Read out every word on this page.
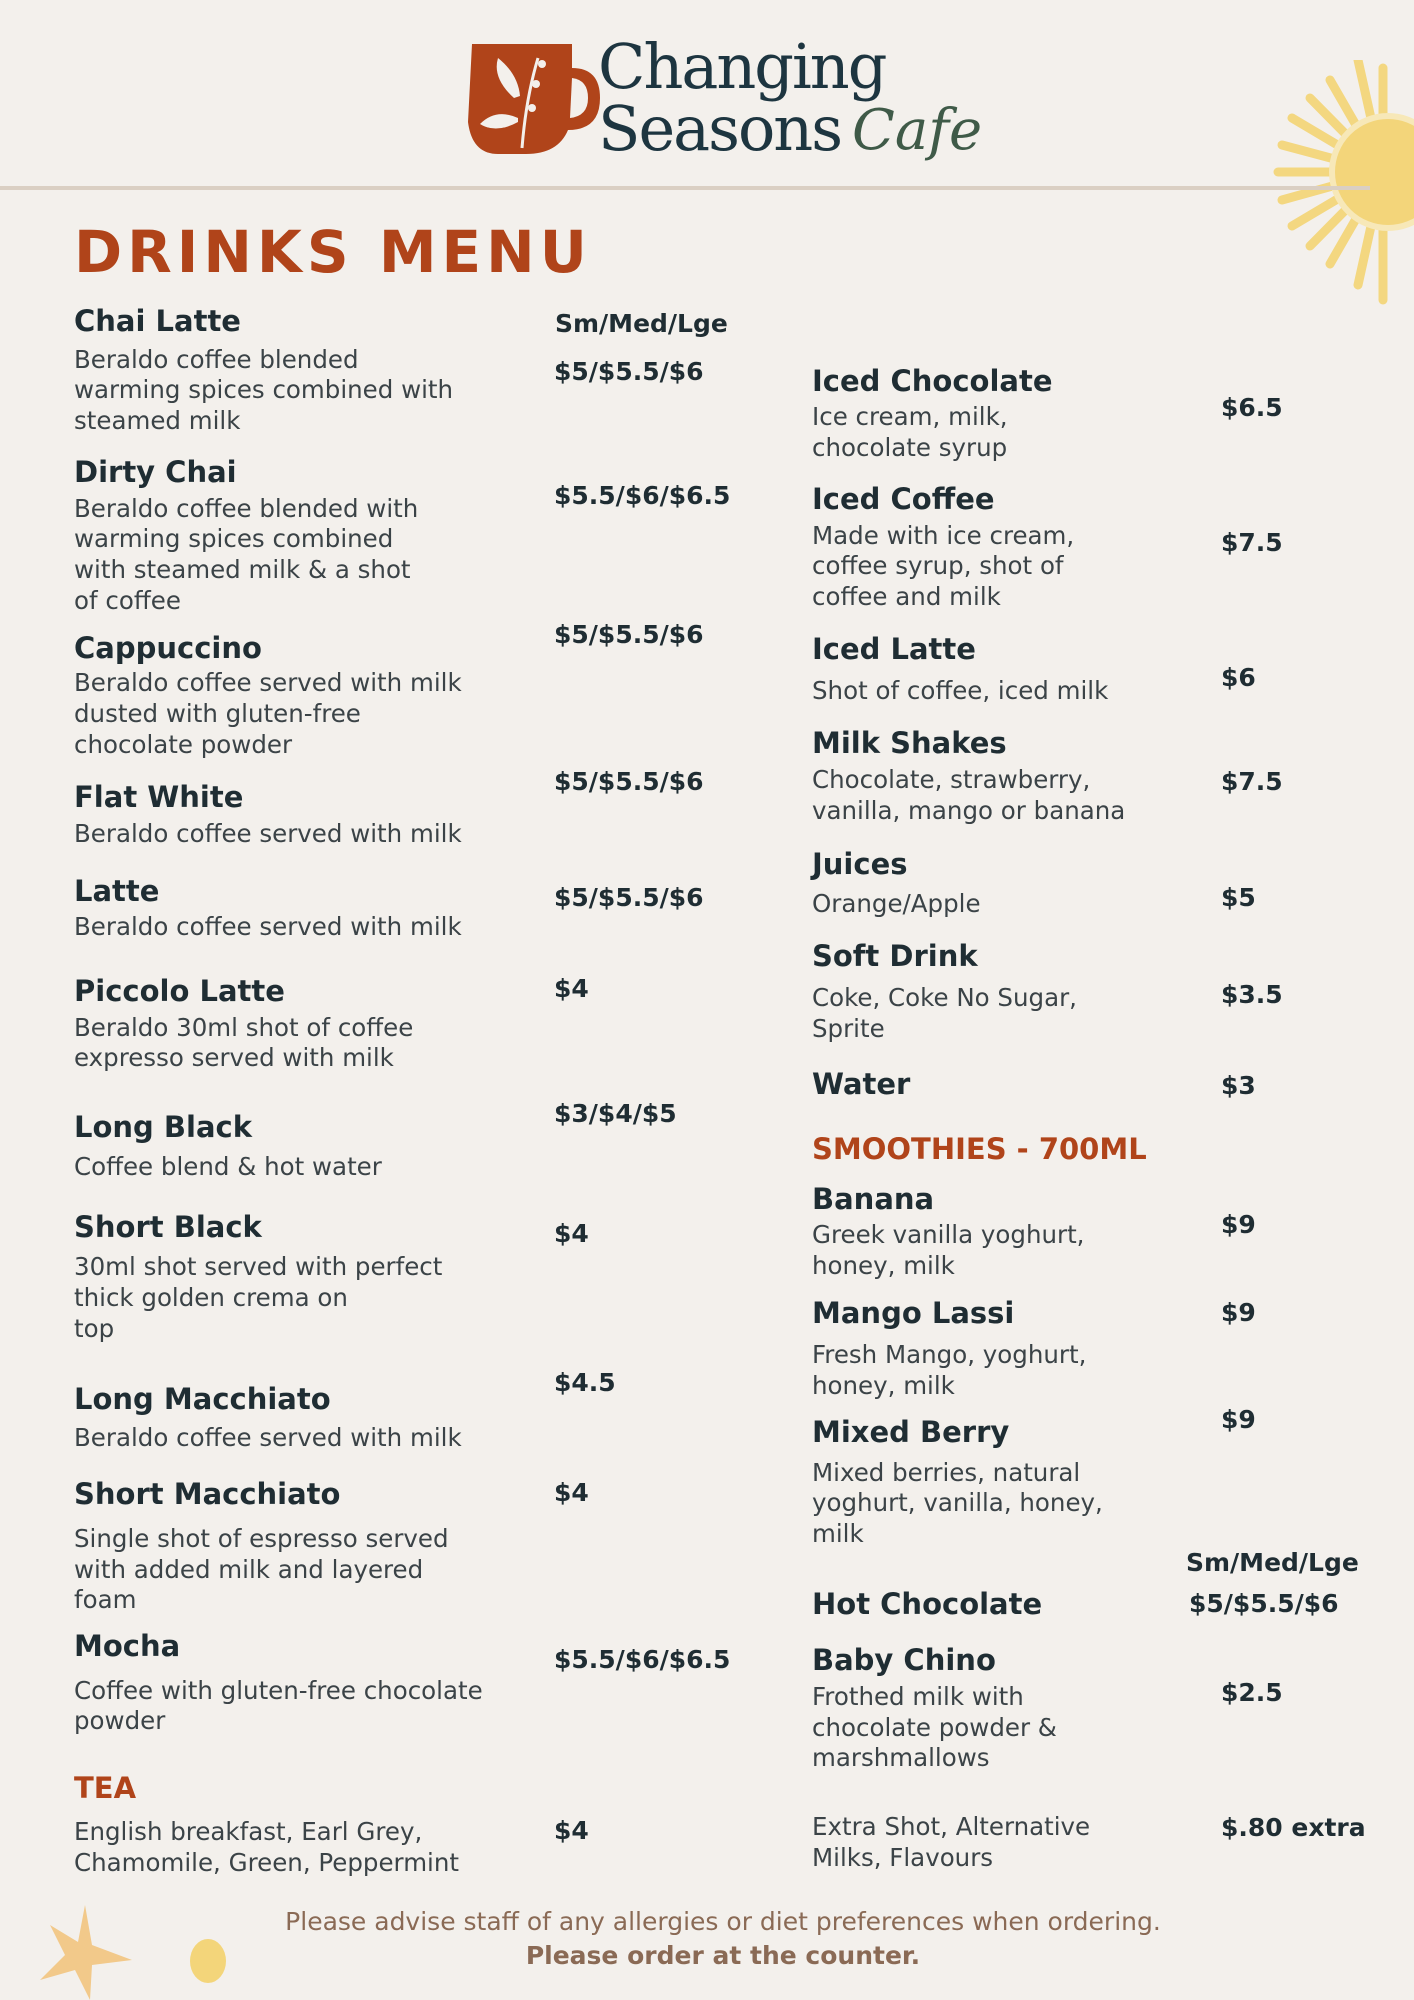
Changing
Seasons Cafe
DRINKS MENU
Chai Latte
Beraldo coffee blended
warming spices combined with
steamed milk
$5/$5.5/$6
Dirty Chai
Beraldo coffee blended with
warming spices combined
with steamed milk & a shot
of coffee
$5.5/$6/$6.5
Cappuccino
Beraldo coffee served with milk
dusted with gluten-free
chocolate powder
$5/$5.5/$6
Flat White
Beraldo coffee served with milk
$5/$5.5/$6
Latte
Beraldo coffee served with milk
$5/$5.5/$6
Piccolo Latte
Beraldo 30ml shot of coffee
expresso served with milk
$4
Long Black
Coffee blend & hot water
$3/$4/$5
Short Black
30ml shot served with perfect
thick golden crema on
top
$4
Long Macchiato
Beraldo coffee served with milk
$4.5
Short Macchiato
Single shot of espresso served
with added milk and layered
foam
$4
Mocha
Coffee with gluten-free chocolate
powder
$5.5/$6/$6.5
Sm/Med/Lge
TEA
English breakfast, Earl Grey,
Chamomile, Green, Peppermint
$4
Iced Chocolate
Ice cream, milk,
chocolate syrup
$6.5
Iced Coffee
Made with ice cream,
coffee syrup, shot of
coffee and milk
$7.5
Iced Latte
Shot of coffee, iced milk	$6
Milk Shakes
Chocolate, strawberry,
vanilla, mango or banana
$7.5
Juices
Orange/Apple	$5
Soft Drink
Coke, Coke No Sugar,
Sprite
$3.5
Water	$3
SMOOTHIES - 700ML
Banana
Greek vanilla yoghurt,
honey, milk
$9
Mango Lassi
Fresh Mango, yoghurt,
honey, milk
$9
Mixed Berry
Mixed berries, natural
yoghurt, vanilla, honey,
milk
$9
Sm/Med/Lge
Hot Chocolate	$5/$5.5/$6
Baby Chino
Frothed milk with
chocolate powder &
marshmallows
$2.5
Extra Shot, Alternative
Milks, Flavours
$.80 extra
Please advise staff of any allergies or diet preferences when ordering.
Please order at the counter.
